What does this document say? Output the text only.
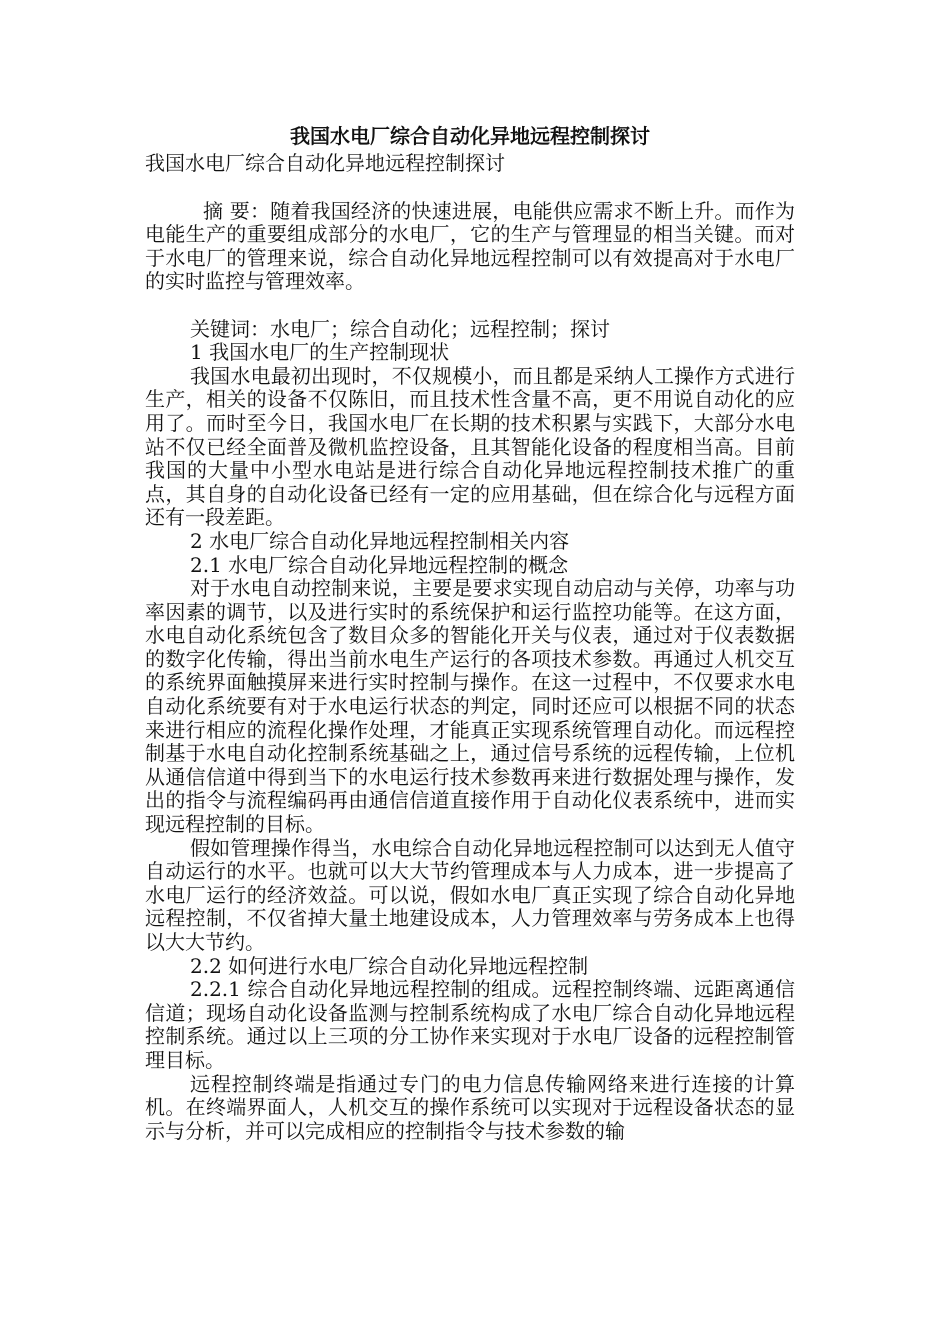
我国水电厂综合自动化异地远程控制探讨

我国水电厂综合自动化异地远程控制探讨

摘 要：随着我国经济的快速进展，电能供应需求不断上升。而作为电能生产的重要组成部分的水电厂，它的生产与管理显的相当关键。而对于水电厂的管理来说，综合自动化异地远程控制可以有效提高对于水电厂的实时监控与管理效率。

关键词：水电厂；综合自动化；远程控制；探讨

1 我国水电厂的生产控制现状

我国水电最初出现时，不仅规模小，而且都是采纳人工操作方式进行生产，相关的设备不仅陈旧，而且技术性含量不高，更不用说自动化的应用了。而时至今日，我国水电厂在长期的技术积累与实践下，大部分水电站不仅已经全面普及微机监控设备，且其智能化设备的程度相当高。目前我国的大量中小型水电站是进行综合自动化异地远程控制技术推广的重点，其自身的自动化设备已经有一定的应用基础，但在综合化与远程方面还有一段差距。

2 水电厂综合自动化异地远程控制相关内容

2.1 水电厂综合自动化异地远程控制的概念

对于水电自动控制来说，主要是要求实现自动启动与关停，功率与功率因素的调节，以及进行实时的系统保护和运行监控功能等。在这方面，水电自动化系统包含了数目众多的智能化开关与仪表，通过对于仪表数据的数字化传输，得出当前水电生产运行的各项技术参数。再通过人机交互的系统界面触摸屏来进行实时控制与操作。在这一过程中，不仅要求水电自动化系统要有对于水电运行状态的判定，同时还应可以根据不同的状态来进行相应的流程化操作处理，才能真正实现系统管理自动化。而远程控制基于水电自动化控制系统基础之上，通过信号系统的远程传输，上位机从通信信道中得到当下的水电运行技术参数再来进行数据处理与操作，发出的指令与流程编码再由通信信道直接作用于自动化仪表系统中，进而实现远程控制的目标。

假如管理操作得当，水电综合自动化异地远程控制可以达到无人值守自动运行的水平。也就可以大大节约管理成本与人力成本，进一步提高了水电厂运行的经济效益。可以说，假如水电厂真正实现了综合自动化异地远程控制，不仅省掉大量土地建设成本，人力管理效率与劳务成本上也得以大大节约。

2.2 如何进行水电厂综合自动化异地远程控制

2.2.1 综合自动化异地远程控制的组成。远程控制终端、远距离通信信道；现场自动化设备监测与控制系统构成了水电厂综合自动化异地远程控制系统。通过以上三项的分工协作来实现对于水电厂设备的远程控制管理目标。

远程控制终端是指通过专门的电力信息传输网络来进行连接的计算机。在终端界面人，人机交互的操作系统可以实现对于远程设备状态的显示与分析，并可以完成相应的控制指令与技术参数的输
